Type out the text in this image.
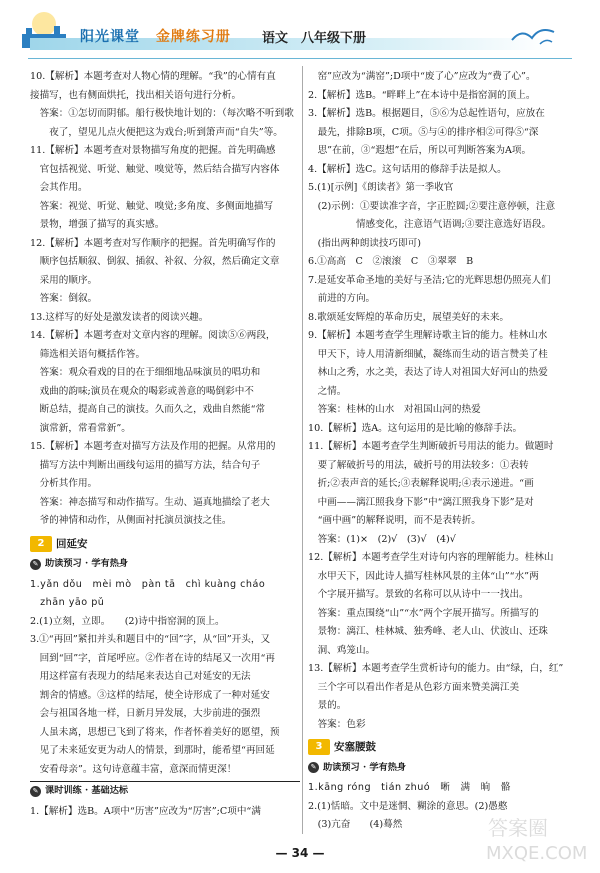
阳光课堂 金牌练习册 语文　八年级下册
10.【解析】本题考查对人物心情的理解。“我”的心情有直
接描写，也有侧面烘托，找出相关语句进行分析。
　答案：①怎切而阴郁。船行极快地计划的：（每次略不听到歌
　　夜了，望见儿点火便把这为戏台;听到箫声而“自失”等。
11.【解析】本题考查对景物描写角度的把握。首先明确感
　官包括视觉、听觉、触觉、嗅觉等，然后结合描写内容体
　会其作用。
　答案：视觉、听觉、触觉、嗅觉;多角度、多侧面地描写
　景物，增强了描写的真实感。
12.【解析】本题考查对写作顺序的把握。首先明确写作的
　顺序包括顺叙、倒叙、插叙、补叙、分叙，然后确定文章
　采用的顺序。
　答案：倒叙。
13.这样写的好处是激发读者的阅读兴趣。
14.【解析】本题考查对文章内容的理解。阅读⑤⑥两段，
　筛选相关语句概括作答。
　答案：观众看戏的目的在于细细地品味演员的唱功和
　戏曲的韵味;演员在观众的喝彩或善意的喝倒彩中不
　断总结，提高自己的演技。久而久之，戏曲自然能“常
　演常新，常看常新”。
15.【解析】本题考查对描写方法及作用的把握。从常用的
　描写方法中判断出画线句运用的描写方法，结合句子
　分析其作用。
　答案：神态描写和动作描写。生动、逼真地描绘了老大
　爷的神情和动作，从侧面衬托演员演技之佳。
2	回延安
✎ 助读预习 · 学有热身
1.yǎn dǒu　mèi mò　pàn tā　chì kuàng cháo
　zhān yāo pǔ
2.(1)立刻，立即。　　(2)诗中指窑洞的顶上。
3.①“再回”紧扣并头和题目中的“回”字，从“回”开头，又
　回到“回”字，首尾呼应。②作者在诗的结尾又一次用“再
　用这样富有表现力的结尾来表达自己对延安的无法
　割舍的情感。③这样的结尾，使全诗形成了一种对延安
　会与祖国各地一样，日新月异发展，大步前进的强烈
　人虽未离，思想已飞到了将来，作者怀着美好的愿望，预
　见了未来延安更为动人的情景，到那时，能希望“再回延
　安看母亲”。这句诗意蕴丰富，意深而情更深！
✎ 课时训练 · 基础达标
1.【解析】选B。A项中“历害”应改为“厉害”;C项中“满
　窑”应改为“满窑”;D项中“废了心”应改为“费了心”。
2.【解析】选B。“畔畔上”在本诗中是指窑洞的顶上。
3.【解析】选B。根据题目，⑤⑥为总起性语句，应放在
　最先，排除B项，C项。⑤与④的排序相②可得⑤“深
　思”在前，③“遐想”在后，所以可判断答案为A项。
4.【解析】选C。这句话用的修辞手法是拟人。
5.(1)[示例]《朗读者》第一季收官
　(2)示例：①要读准字音，字正腔圆;②要注意停顿，注意
　　　　　情感变化，注意语气语调;③要注意选好语段。
　(指出两种朗读技巧即可)
6.①高高　C　②滚滚　C　③翠翠　B
7.是延安革命圣地的美好与圣洁;它的光辉思想仍照亮人们
　前进的方向。
8.歌颂延安辉煌的革命历史，展望美好的未来。
9.【解析】本题考查学生理解诗歌主旨的能力。桂林山水
　甲天下，诗人用清新细腻，凝练而生动的语言赞美了桂
　林山之秀，水之美，表达了诗人对祖国大好河山的热爱
　之情。
　答案：桂林的山水　对祖国山河的热爱
10.【解析】选A。这句运用的是比喻的修辞手法。
11.【解析】本题考查学生判断破折号用法的能力。做题时
　要了解破折号的用法，破折号的用法较多：①表转
　折;②表声音的延长;③表解释说明;④表示递进。“画
　中画——漓江照我身下影”中“漓江照我身下影”是对
　“画中画”的解释说明，而不是表转折。
　答案：(1)×　(2)√　(3)√　(4)√
12.【解析】本题考查学生对诗句内容的理解能力。桂林山
　水甲天下，因此诗人描写桂林风景的主体“山”“水”两
　个字展开描写。景致的名称可以从诗中一一找出。
　答案：重点围绕“山”“水”两个字展开描写。所描写的
　景物：漓江、桂林城、独秀峰、老人山、伏波山、还珠
　洞、鸡笼山。
13.【解析】本题考查学生赏析诗句的能力。由“绿，白，红”
　三个字可以看出作者是从色彩方面来赞美漓江美
　景的。
　答案：色彩
3	安塞腰鼓
✎ 助读预习 · 学有热身
1.kāng róng　tián zhuó　晰　满　晌　骼
2.(1)恬暗。文中是迷惘、糊涂的意思。(2)愚憨
　(3)亢奋　　(4)蓦然
— 34 —
答案圈
MXQE.COM
